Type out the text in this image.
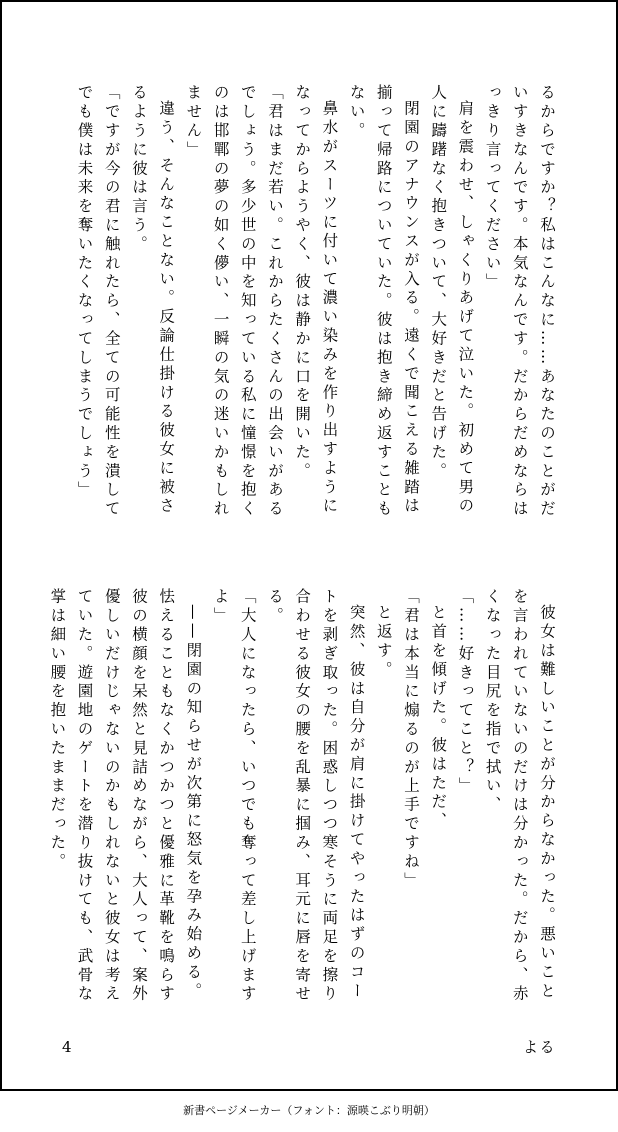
るからですか？私はこんなに……あなたのことがだいすきなんです。本気なんです。だからだめならはっきり言ってください」

肩を震わせ、しゃくりあげて泣いた。初めて男の人に躊躇なく抱きついて、大好きだと告げた。

閉園のアナウンスが入る。遠くで聞こえる雑踏は揃って帰路についていた。彼は抱き締め返すこともない。

鼻水がスーツに付いて濃い染みを作り出すようになってからようやく、彼は静かに口を開いた。

「君はまだ若い。これからたくさんの出会いがあるでしょう。多少世の中を知っている私に憧憬を抱くのは邯鄲の夢の如く儚い、一瞬の気の迷いかもしれません」

違う、そんなことない。反論仕掛ける彼女に被さるように彼は言う。

「ですが今の君に触れたら、全ての可能性を潰してでも僕は未来を奪いたくなってしまうでしょう」

彼女は難しいことが分からなかった。悪いことを言われていないのだけは分かった。だから、赤くなった目尻を指で拭い、

「……好きってこと？」

と首を傾げた。彼はただ、

「君は本当に煽るのが上手ですね」

と返す。

突然、彼は自分が肩に掛けてやったはずのコートを剥ぎ取った。困惑しつつ寒そうに両足を擦り合わせる彼女の腰を乱暴に掴み、耳元に唇を寄せる。

「大人になったら、いつでも奪って差し上げますよ」

——閉園の知らせが次第に怒気を孕み始める。怯えることもなくかつかつと優雅に革靴を鳴らす彼の横顔を呆然と見詰めながら、大人って、案外優しいだけじゃないのかもしれないと彼女は考えていた。遊園地のゲートを潜り抜けても、武骨な掌は細い腰を抱いたままだった。

4	よる
新書ページメーカー（フォント：源暎こぶり明朝）
